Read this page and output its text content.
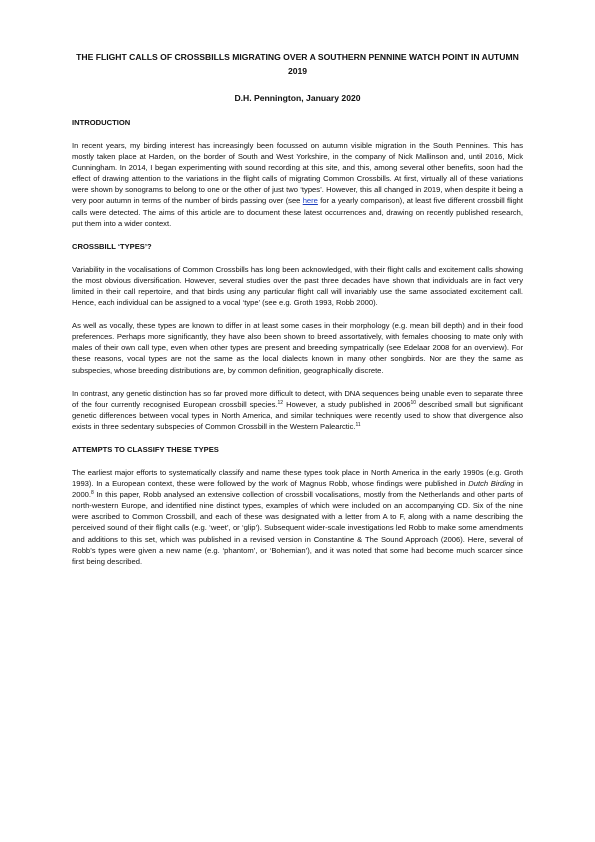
THE FLIGHT CALLS OF CROSSBILLS MIGRATING OVER A SOUTHERN PENNINE WATCH POINT IN AUTUMN 2019
D.H. Pennington, January 2020
INTRODUCTION

In recent years, my birding interest has increasingly been focussed on autumn visible migration in the South Pennines. This has mostly taken place at Harden, on the border of South and West Yorkshire, in the company of Nick Mallinson and, until 2016, Mick Cunningham. In 2014, I began experimenting with sound recording at this site, and this, among several other benefits, soon had the effect of drawing attention to the variations in the flight calls of migrating Common Crossbills. At first, virtually all of these variations were shown by sonograms to belong to one or the other of just two ‘types’. However, this all changed in 2019, when despite it being a very poor autumn in terms of the number of birds passing over (see here for a yearly comparison), at least five different crossbill flight calls were detected. The aims of this article are to document these latest occurrences and, drawing on recently published research, put them into a wider context.

CROSSBILL ‘TYPES’?

Variability in the vocalisations of Common Crossbills has long been acknowledged, with their flight calls and excitement calls showing the most obvious diversification. However, several studies over the past three decades have shown that individuals are in fact very limited in their call repertoire, and that birds using any particular flight call will invariably use the same associated excitement call. Hence, each individual can be assigned to a vocal ‘type’ (see e.g. Groth 1993, Robb 2000).

As well as vocally, these types are known to differ in at least some cases in their morphology (e.g. mean bill depth) and in their food preferences. Perhaps more significantly, they have also been shown to breed assortatively, with females choosing to mate only with males of their own call type, even when other types are present and breeding sympatrically (see Edelaar 2008 for an overview). For these reasons, vocal types are not the same as the local dialects known in many other songbirds. Nor are they the same as subspecies, whose breeding distributions are, by common definition, geographically discrete.

In contrast, any genetic distinction has so far proved more difficult to detect, with DNA sequences being unable even to separate three of the four currently recognised European crossbill species.$^{12}$ However, a study published in 2006$^{10}$ described small but significant genetic differences between vocal types in North America, and similar techniques were recently used to show that divergence also exists in three sedentary subspecies of Common Crossbill in the Western Palearctic.$^{11}$

ATTEMPTS TO CLASSIFY THESE TYPES

The earliest major efforts to systematically classify and name these types took place in North America in the early 1990s (e.g. Groth 1993). In a European context, these were followed by the work of Magnus Robb, whose findings were published in Dutch Birding in 2000.$^8$ In this paper, Robb analysed an extensive collection of crossbill vocalisations, mostly from the Netherlands and other parts of north-western Europe, and identified nine distinct types, examples of which were included on an accompanying CD. Six of the nine were ascribed to Common Crossbill, and each of these was designated with a letter from A to F, along with a name describing the perceived sound of their flight calls (e.g. ‘weet’, or ‘glip’). Subsequent wider-scale investigations led Robb to make some amendments and additions to this set, which was published in a revised version in Constantine & The Sound Approach (2006). Here, several of Robb’s types were given a new name (e.g. ‘phantom’, or ‘Bohemian’), and it was noted that some had become much scarcer since first being described.
